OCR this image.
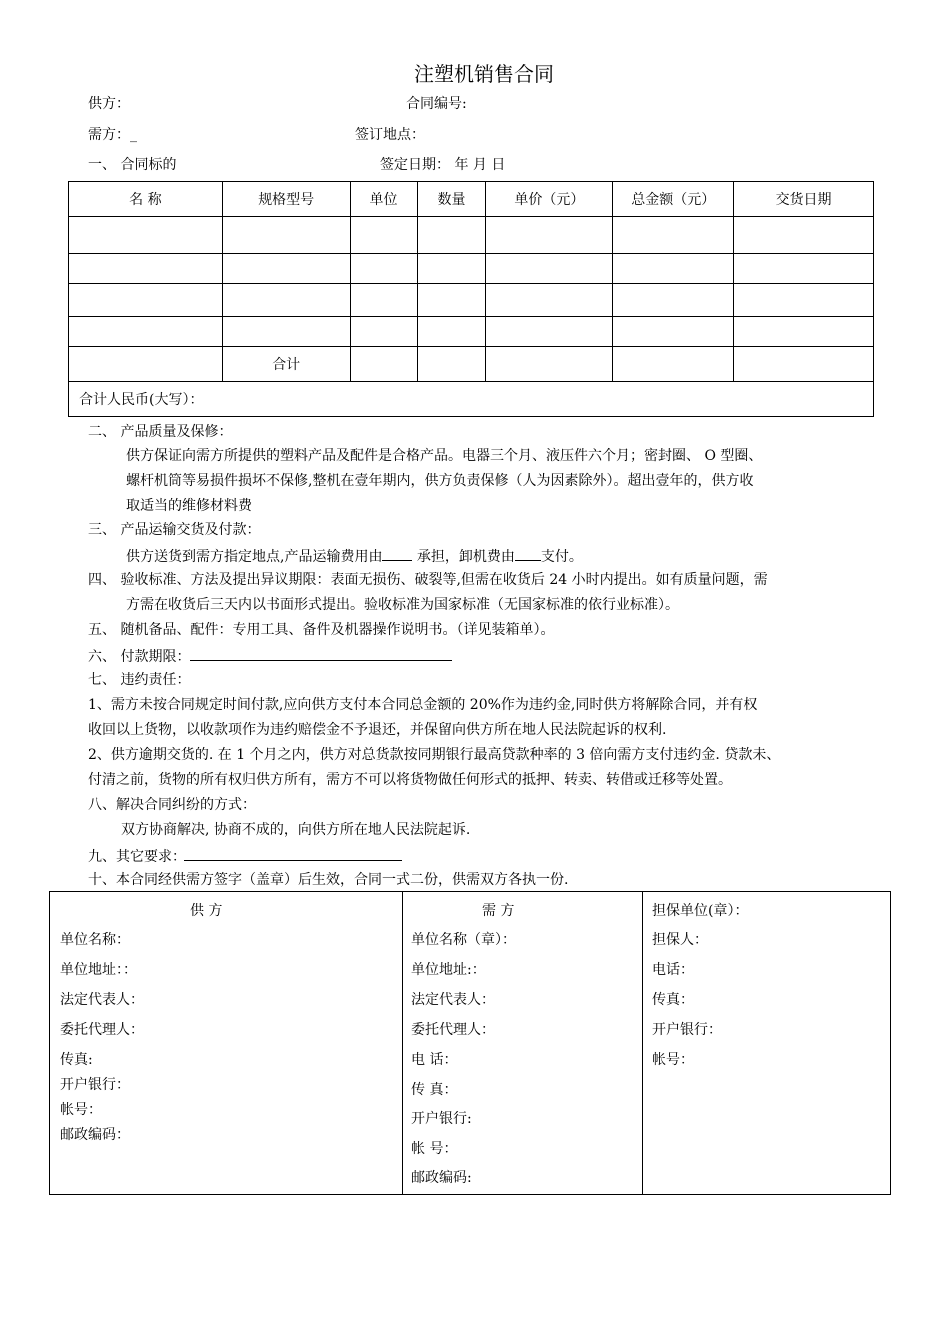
注塑机销售合同
供方：	合同编号:
需方：_	签订地点：
一、 合同标的	签定日期： 年 月 日
名 称	规格型号	单位	数量	单价（元）	总金额（元）	交货日期

	合计					
合计人民币(大写）：						
二、 产品质量及保修：
供方保证向需方所提供的塑料产品及配件是合格产品。电器三个月、液压件六个月；密封圈、 O 型圈、
螺杆机筒等易损件损坏不保修,整机在壹年期内，供方负责保修（人为因素除外）。超出壹年的，供方收
取适当的维修材料费
三、 产品运输交货及付款：
供方送货到需方指定地点,产品运输费用由 承担，卸机费由 支付。
四、 验收标准、方法及提出异议期限：表面无损伤、破裂等,但需在收货后 24 小时内提出。如有质量问题，需
方需在收货后三天内以书面形式提出。验收标准为国家标准（无国家标准的依行业标准）。
五、 随机备品、配件：专用工具、备件及机器操作说明书。（详见装箱单）。
六、 付款期限：
七、 违约责任：
1、需方未按合同规定时间付款,应向供方支付本合同总金额的 20%作为违约金,同时供方将解除合同，并有权
收回以上货物，以收款项作为违约赔偿金不予退还，并保留向供方所在地人民法院起诉的权利.
2、供方逾期交货的. 在 1 个月之内，供方对总货款按同期银行最高贷款种率的 3 倍向需方支付违约金. 贷款未、
付清之前，货物的所有权归供方所有，需方不可以将货物做任何形式的抵押、转卖、转借或迁移等处置。
八、解决合同纠纷的方式：
双方协商解决, 协商不成的，向供方所在地人民法院起诉.
九、其它要求：
十、本合同经供需方签字（盖章）后生效，合同一式二份，供需双方各执一份.
供 方
单位名称：
单位地址：：
法定代表人：
委托代理人：
传真:
开户银行：
帐号：
邮政编码：
需 方
单位名称（章）：
单位地址:：
法定代表人：
委托代理人：
电 话：
传 真：
开户银行:
帐 号：
邮政编码:
担保单位(章）：
担保人：
电话：
传真：
开户银行：
帐号：
